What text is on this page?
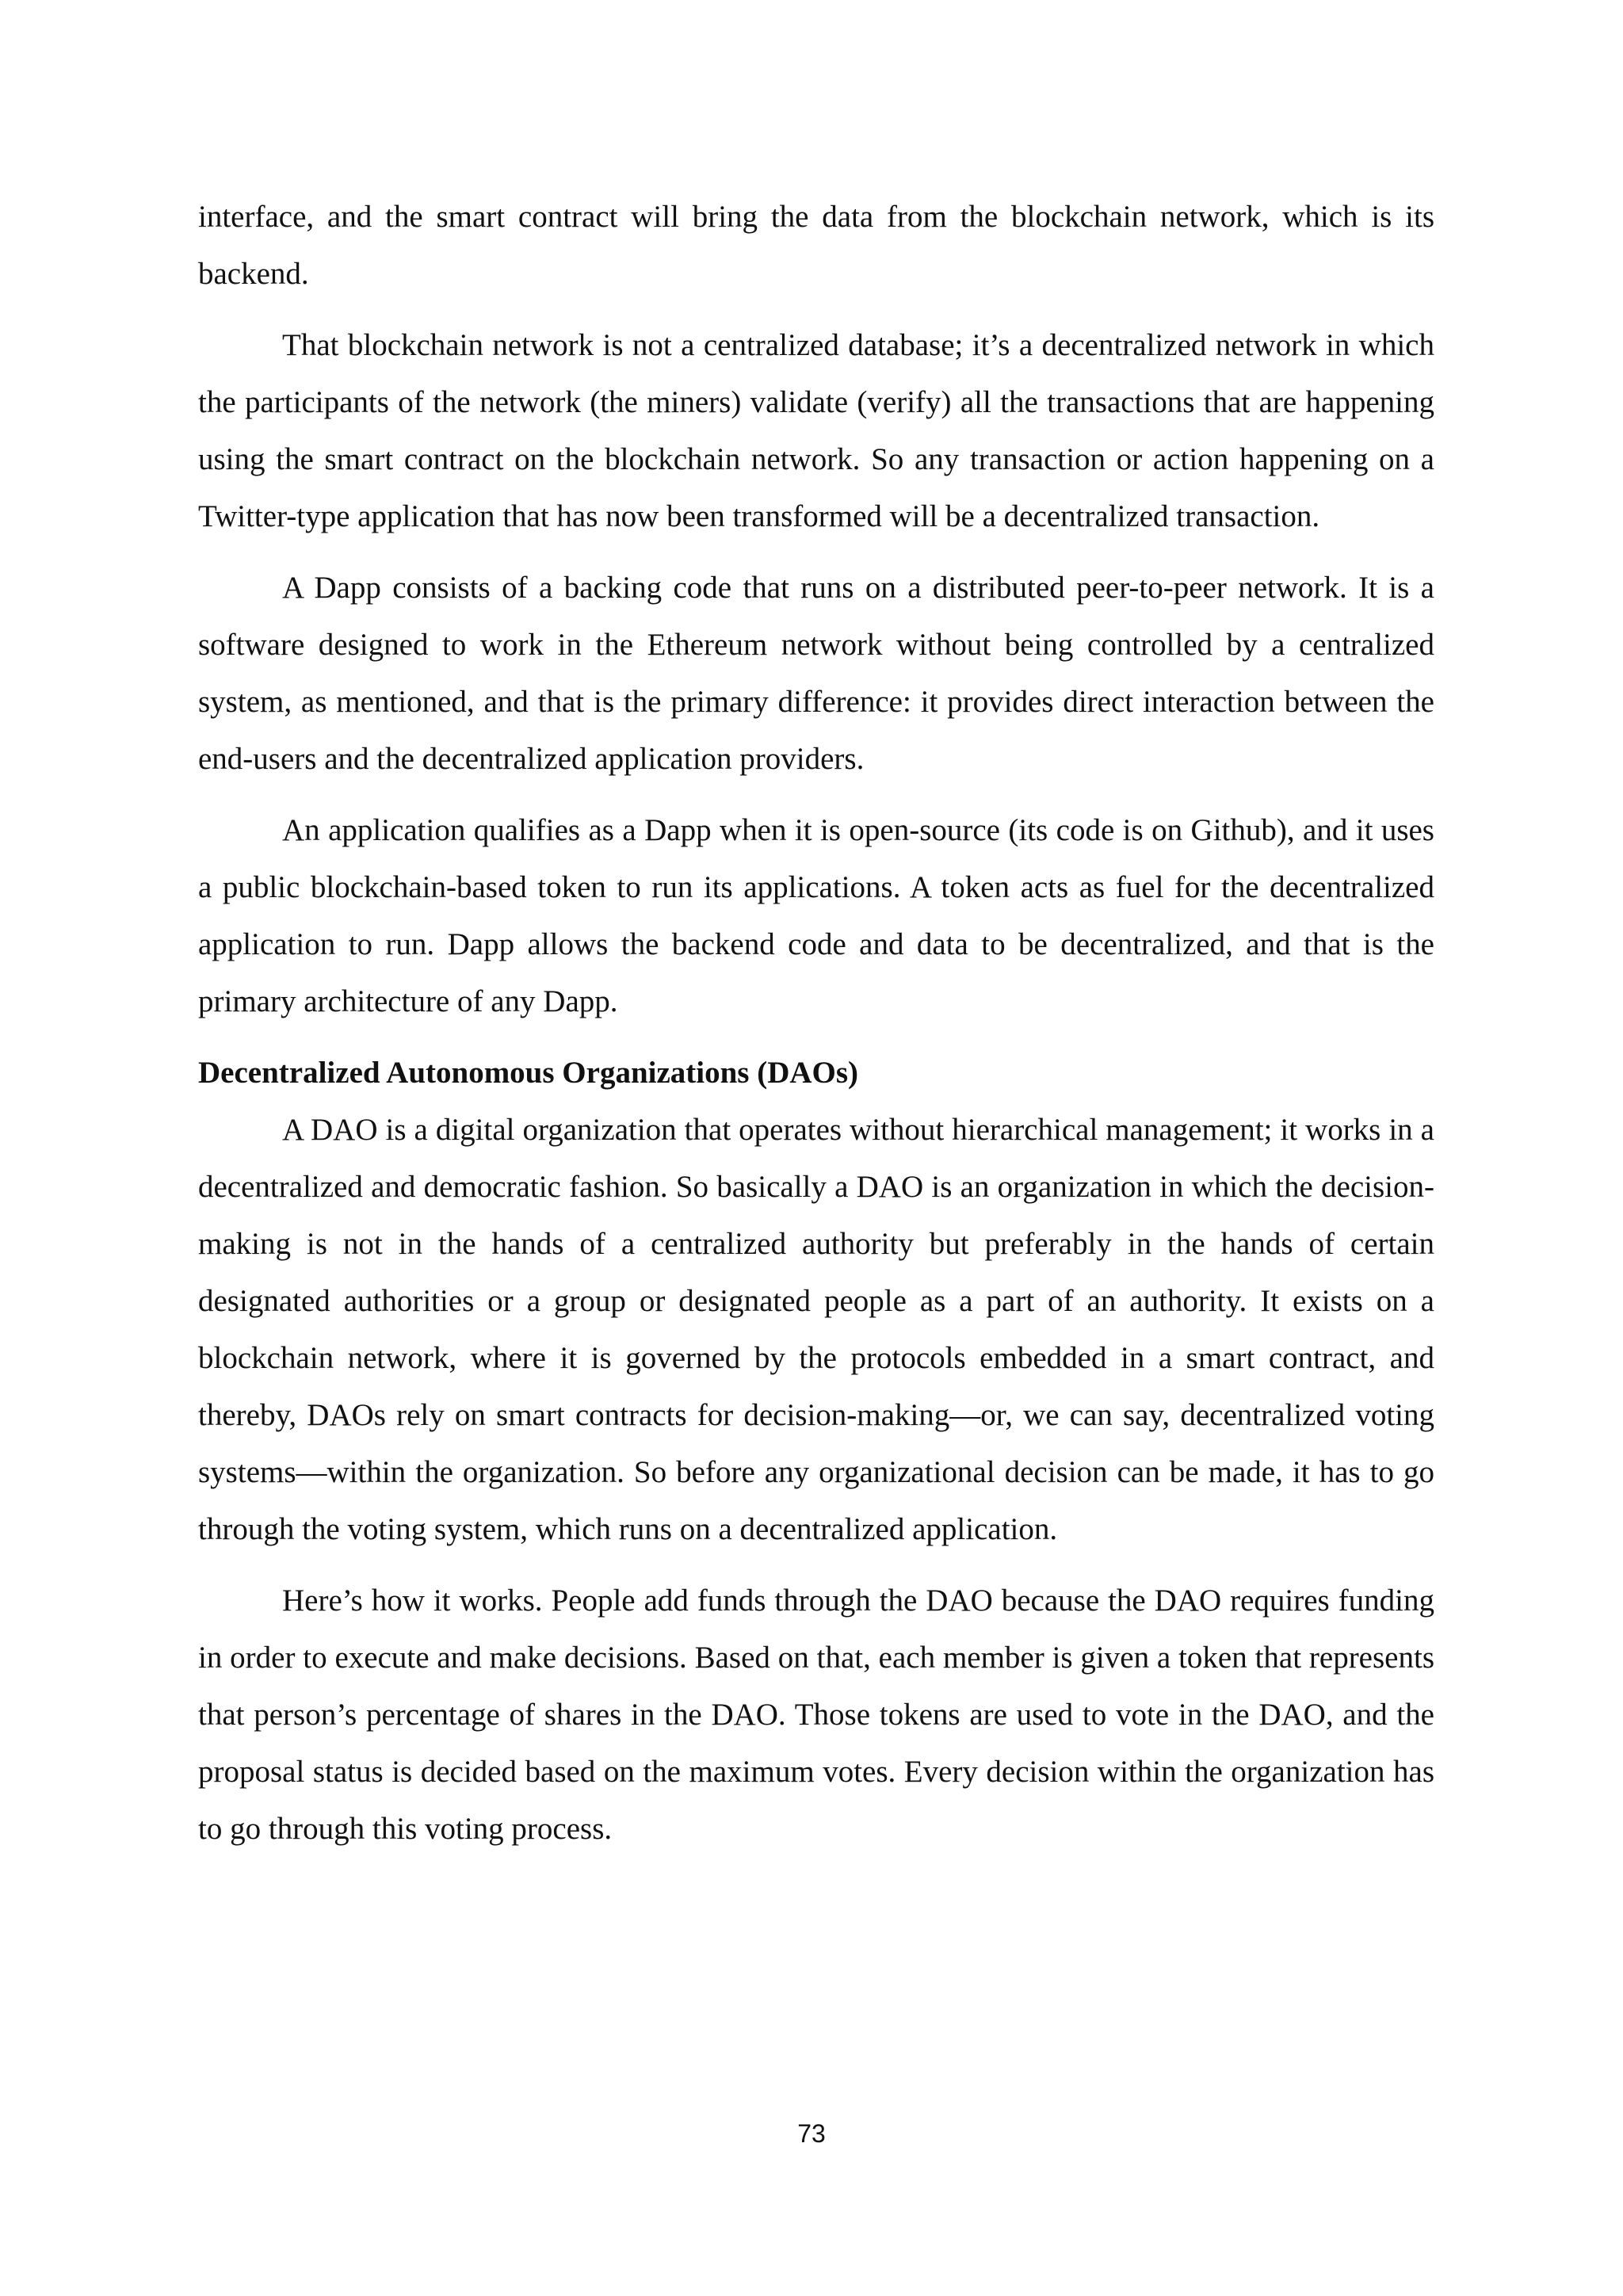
interface, and the smart contract will bring the data from the blockchain network, which is its backend.

That blockchain network is not a centralized database; it’s a decentralized network in which the participants of the network (the miners) validate (verify) all the transactions that are happening using the smart contract on the blockchain network. So any transaction or action happening on a Twitter-type application that has now been transformed will be a decentralized transaction.

A Dapp consists of a backing code that runs on a distributed peer-to-peer network. It is a software designed to work in the Ethereum network without being controlled by a centralized system, as mentioned, and that is the primary difference: it provides direct interaction between the end-users and the decentralized application providers.

An application qualifies as a Dapp when it is open-source (its code is on Github), and it uses a public blockchain-based token to run its applications. A token acts as fuel for the decentralized application to run. Dapp allows the backend code and data to be decentralized, and that is the primary architecture of any Dapp.

Decentralized Autonomous Organizations (DAOs)

A DAO is a digital organization that operates without hierarchical management; it works in a decentralized and democratic fashion. So basically a DAO is an organization in which the decision-making is not in the hands of a centralized authority but preferably in the hands of certain designated authorities or a group or designated people as a part of an authority. It exists on a blockchain network, where it is governed by the protocols embedded in a smart contract, and thereby, DAOs rely on smart contracts for decision-making—or, we can say, decentralized voting systems—within the organization. So before any organizational decision can be made, it has to go through the voting system, which runs on a decentralized application.

Here’s how it works. People add funds through the DAO because the DAO requires funding in order to execute and make decisions. Based on that, each member is given a token that represents that person’s percentage of shares in the DAO. Those tokens are used to vote in the DAO, and the proposal status is decided based on the maximum votes. Every decision within the organization has to go through this voting process.

73
